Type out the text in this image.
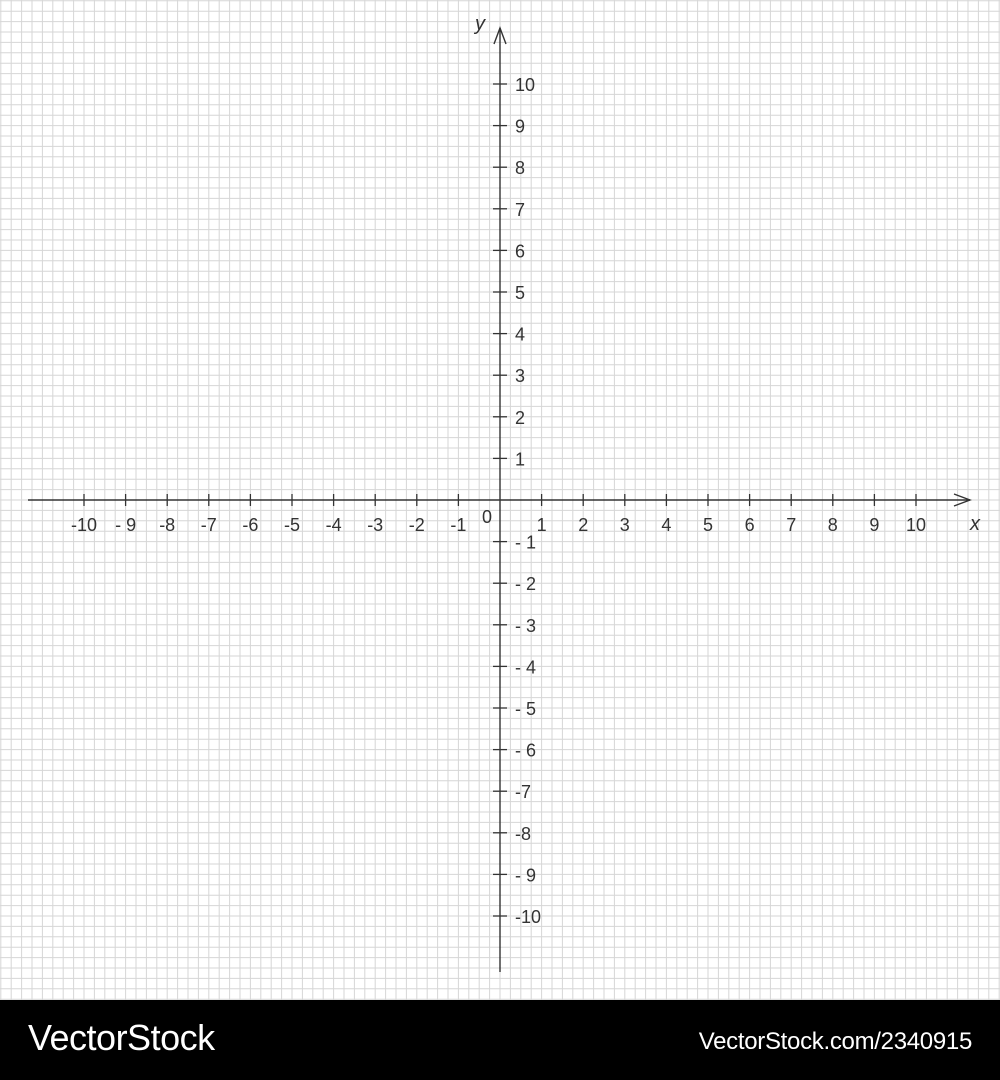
-10 - 9 -8 -7 -6 -5 -4 -3 -2 -1	1 2 3 4 5 6 7 8 9 10
-10
- 9
-8
-7
- 6
- 5
- 4
- 3
- 2
- 1
1
2
3
4
5
6
7
8
9
10
0	x
y
VectorStock	VectorStock.com/2340915
